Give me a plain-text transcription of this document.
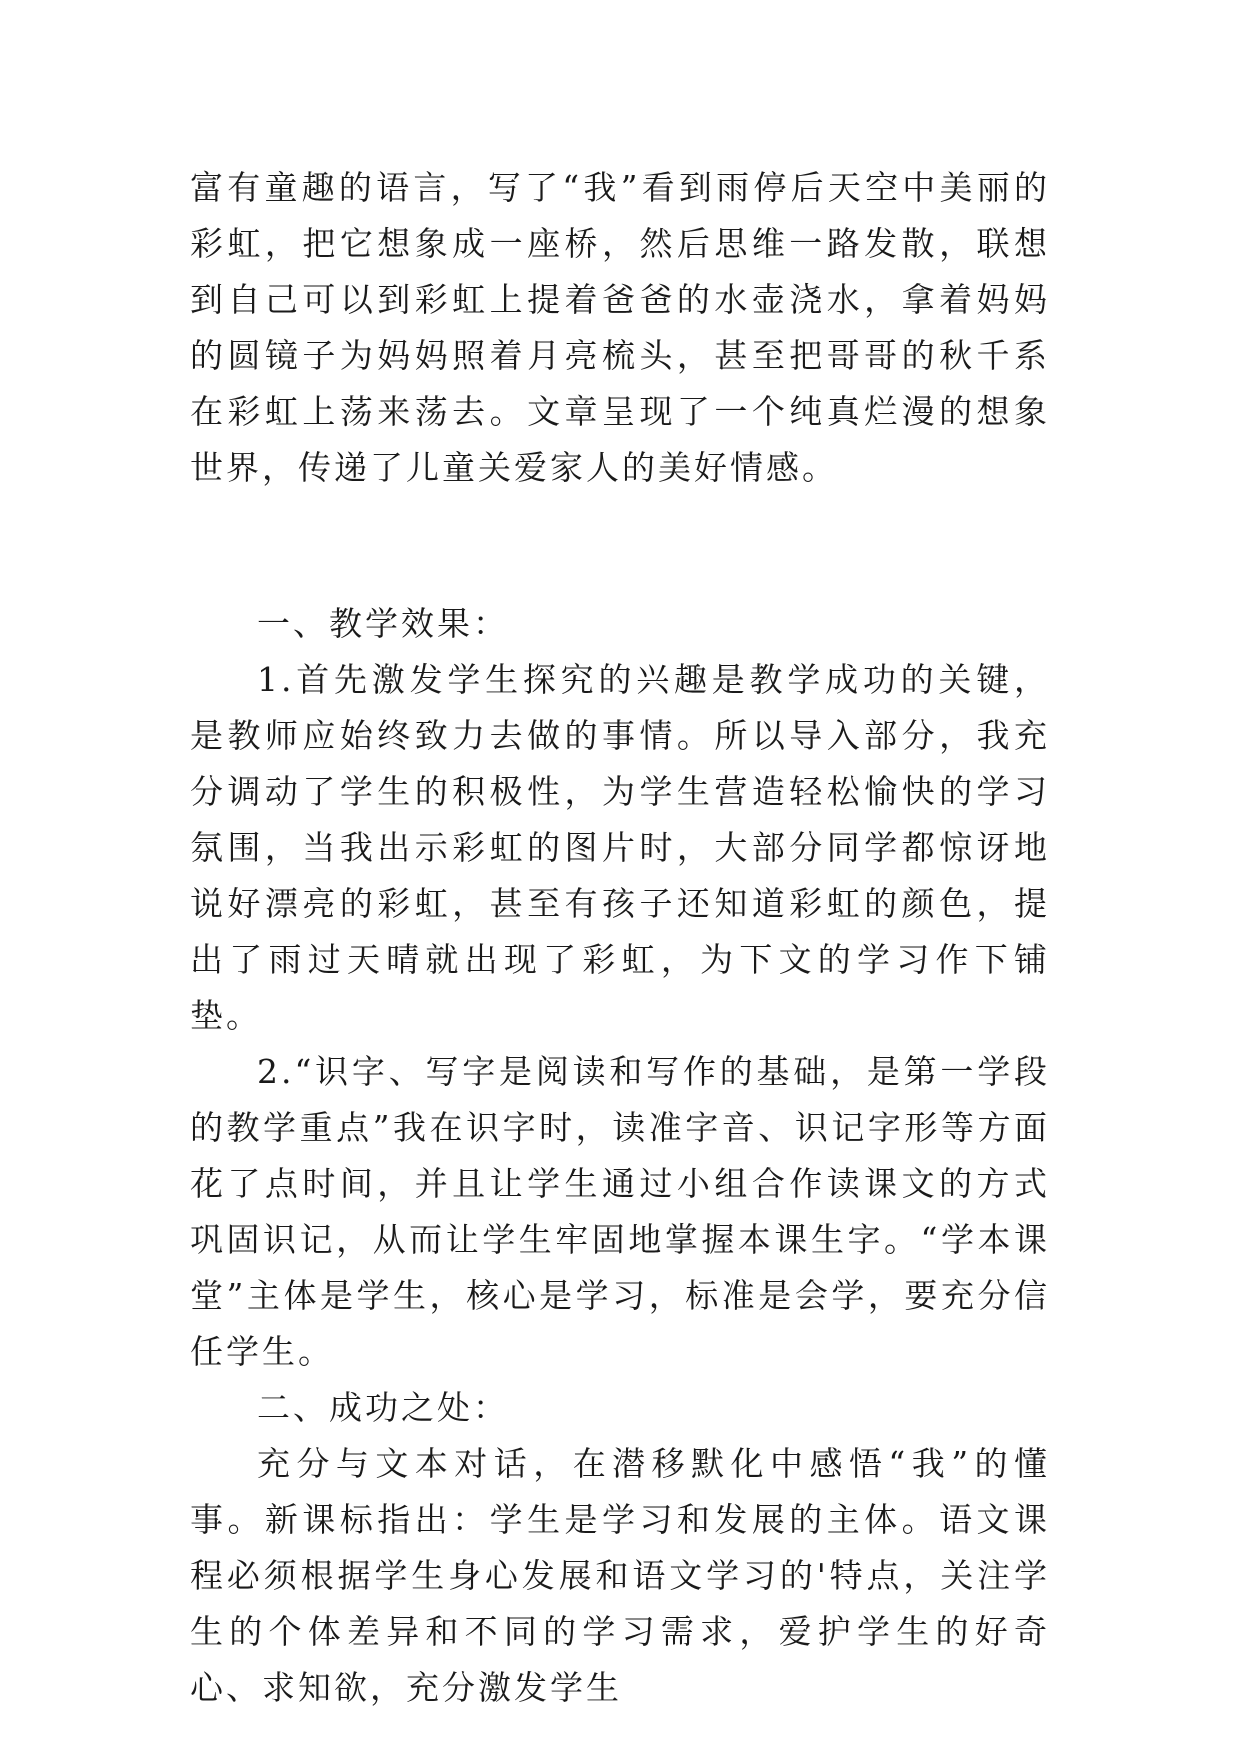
富有童趣的语言，写了“我”看到雨停后天空中美丽的彩虹，把它想象成一座桥，然后思维一路发散，联想到自己可以到彩虹上提着爸爸的水壶浇水，拿着妈妈的圆镜子为妈妈照着月亮梳头，甚至把哥哥的秋千系在彩虹上荡来荡去。文章呈现了一个纯真烂漫的想象世界，传递了儿童关爱家人的美好情感。

一、教学效果：

1.首先激发学生探究的兴趣是教学成功的关键，是教师应始终致力去做的事情。所以导入部分，我充分调动了学生的积极性，为学生营造轻松愉快的学习氛围，当我出示彩虹的图片时，大部分同学都惊讶地说好漂亮的彩虹，甚至有孩子还知道彩虹的颜色，提出了雨过天晴就出现了彩虹，为下文的学习作下铺垫。

2.“识字、写字是阅读和写作的基础，是第一学段的教学重点”我在识字时，读准字音、识记字形等方面花了点时间，并且让学生通过小组合作读课文的方式巩固识记，从而让学生牢固地掌握本课生字。“学本课堂”主体是学生，核心是学习，标准是会学，要充分信任学生。

二、成功之处：

充分与文本对话，在潜移默化中感悟“我”的懂事。新课标指出：学生是学习和发展的主体。语文课程必须根据学生身心发展和语文学习的'特点，关注学生的个体差异和不同的学习需求，爱护学生的好奇心、求知欲，充分激发学生
